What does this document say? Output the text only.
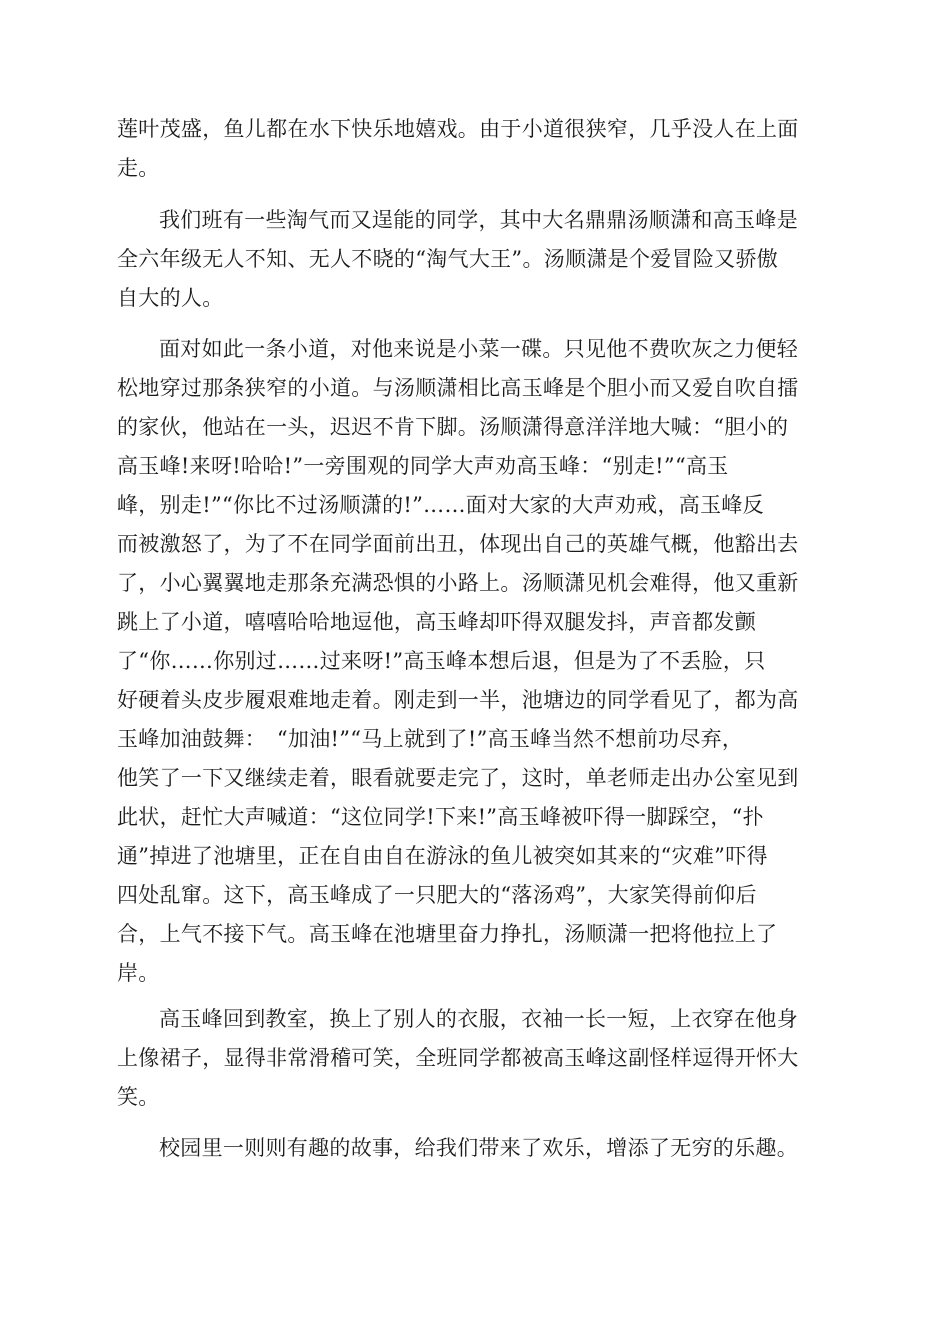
莲叶茂盛，鱼儿都在水下快乐地嬉戏。由于小道很狭窄，几乎没人在上面
走。
我们班有一些淘气而又逞能的同学，其中大名鼎鼎汤顺潇和高玉峰是
全六年级无人不知、无人不晓的“淘气大王”。汤顺潇是个爱冒险又骄傲
自大的人。
面对如此一条小道，对他来说是小菜一碟。只见他不费吹灰之力便轻
松地穿过那条狭窄的小道。与汤顺潇相比高玉峰是个胆小而又爱自吹自擂
的家伙，他站在一头，迟迟不肯下脚。汤顺潇得意洋洋地大喊：“胆小的
高玉峰!来呀!哈哈!”一旁围观的同学大声劝高玉峰：“别走!”“高玉
峰，别走!”“你比不过汤顺潇的!”……面对大家的大声劝戒，高玉峰反
而被激怒了，为了不在同学面前出丑，体现出自己的英雄气概，他豁出去
了，小心翼翼地走那条充满恐惧的小路上。汤顺潇见机会难得，他又重新
跳上了小道，嘻嘻哈哈地逗他，高玉峰却吓得双腿发抖，声音都发颤
了“你……你别过……过来呀!”高玉峰本想后退，但是为了不丢脸，只
好硬着头皮步履艰难地走着。刚走到一半，池塘边的同学看见了，都为高
玉峰加油鼓舞：　“加油!”“马上就到了!”高玉峰当然不想前功尽弃，
他笑了一下又继续走着，眼看就要走完了，这时，单老师走出办公室见到
此状，赶忙大声喊道：“这位同学!下来!”高玉峰被吓得一脚踩空，“扑
通”掉进了池塘里，正在自由自在游泳的鱼儿被突如其来的“灾难”吓得
四处乱窜。这下，高玉峰成了一只肥大的“落汤鸡”，大家笑得前仰后
合，上气不接下气。高玉峰在池塘里奋力挣扎，汤顺潇一把将他拉上了
岸。
高玉峰回到教室，换上了别人的衣服，衣袖一长一短，上衣穿在他身
上像裙子，显得非常滑稽可笑，全班同学都被高玉峰这副怪样逗得开怀大
笑。
校园里一则则有趣的故事，给我们带来了欢乐，增添了无穷的乐趣。
